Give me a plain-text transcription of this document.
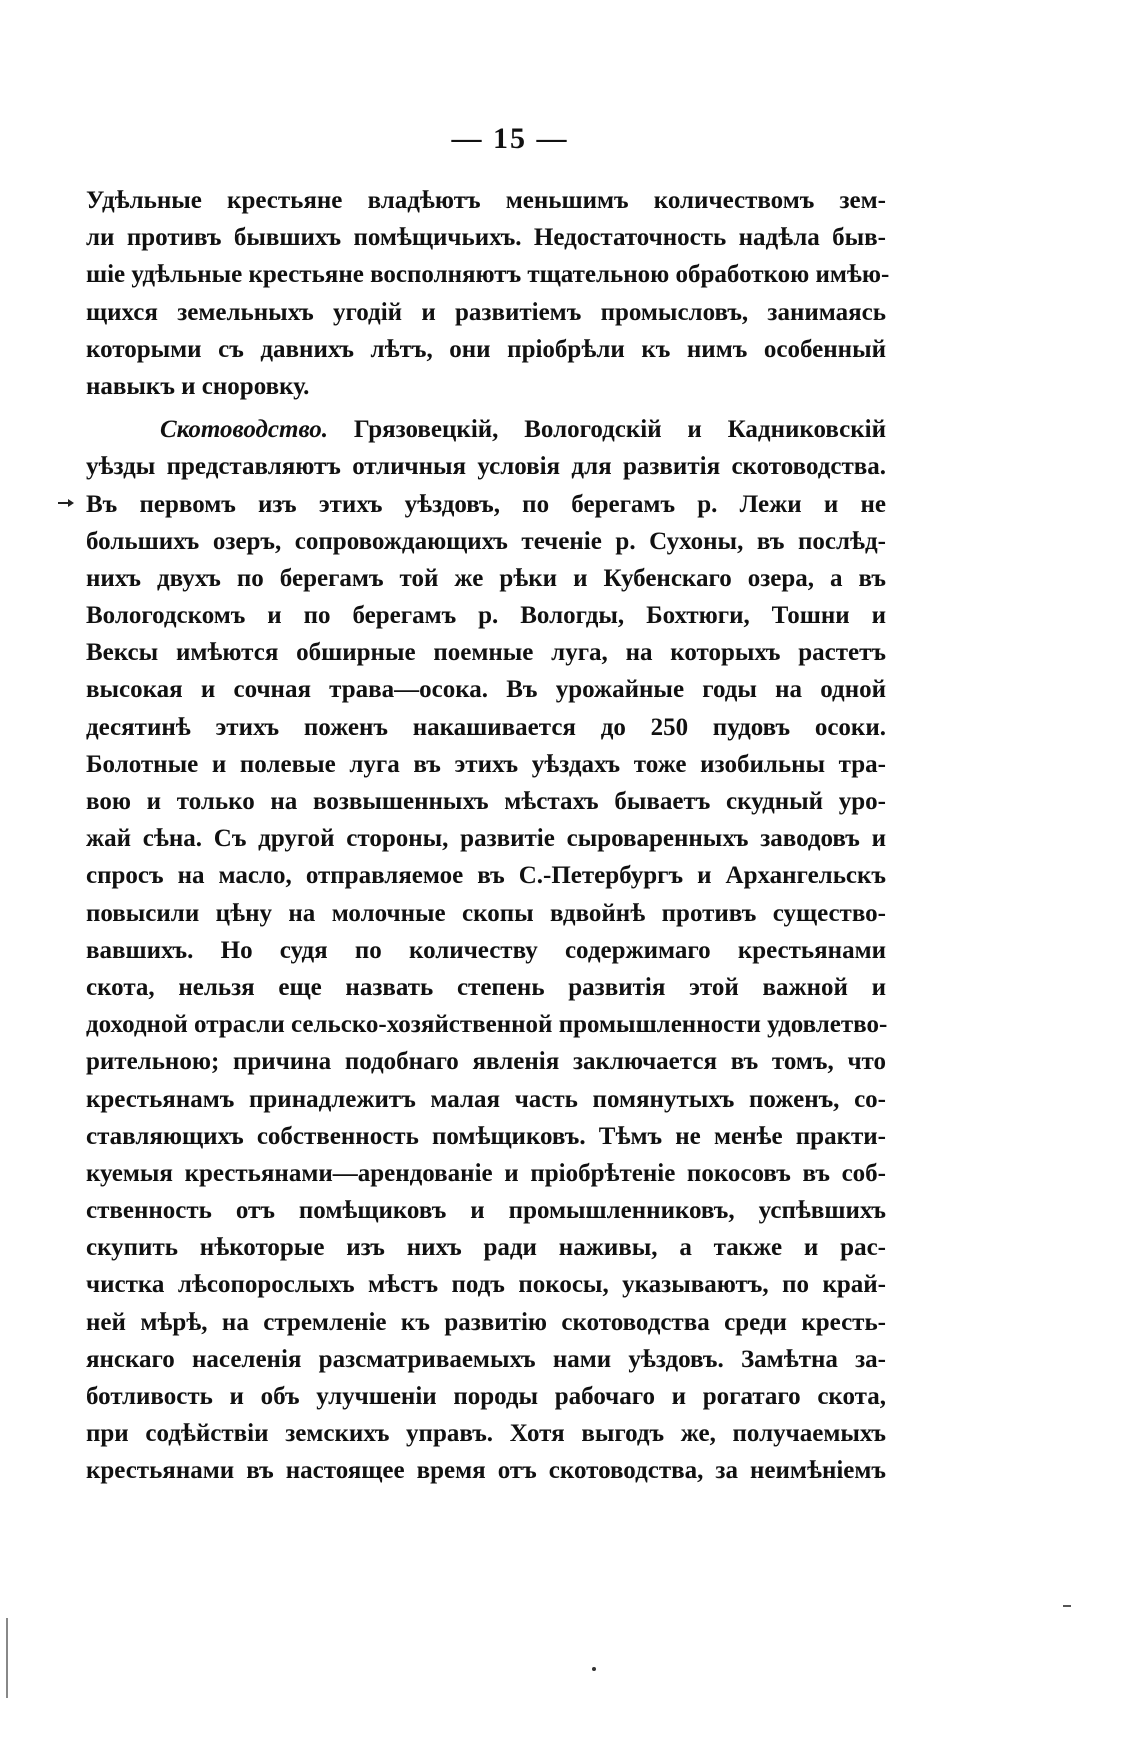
— 15 —
Удѣльные крестьяне владѣютъ меньшимъ количествомъ зем-
ли противъ бывшихъ помѣщичьихъ. Недостаточность надѣла быв-
шіе удѣльные крестьяне восполняютъ тщательною обработкою имѣю-
щихся земельныхъ угодій и развитіемъ промысловъ, занимаясь
которыми съ давнихъ лѣтъ, они пріобрѣли къ нимъ особенный
навыкъ и сноровку.
Скотоводство. Грязовецкій, Вологодскій и Кадниковскій
уѣзды представляютъ отличныя условія для развитія скотоводства.
Въ первомъ изъ этихъ уѣздовъ, по берегамъ р. Лежи и не
большихъ озеръ, сопровождающихъ теченіе р. Сухоны, въ послѣд-
нихъ двухъ по берегамъ той же рѣки и Кубенскаго озера, а въ
Вологодскомъ и по берегамъ р. Вологды, Бохтюги, Тошни и
Вексы имѣются обширные поемные луга, на которыхъ растетъ
высокая и сочная трава—осока. Въ урожайные годы на одной
десятинѣ этихъ поженъ накашивается до 250 пудовъ осоки.
Болотные и полевые луга въ этихъ уѣздахъ тоже изобильны тра-
вою и только на возвышенныхъ мѣстахъ бываетъ скудный уро-
жай сѣна. Съ другой стороны, развитіе сыроваренныхъ заводовъ и
спросъ на масло, отправляемое въ С.-Петербургъ и Архангельскъ
повысили цѣну на молочные скопы вдвойнѣ противъ существо-
вавшихъ. Но судя по количеству содержимаго крестьянами
скота, нельзя еще назвать степень развитія этой важной и
доходной отрасли сельско-хозяйственной промышленности удовлетво-
рительною; причина подобнаго явленія заключается въ томъ, что
крестьянамъ принадлежитъ малая часть помянутыхъ поженъ, со-
ставляющихъ собственность помѣщиковъ. Тѣмъ не менѣе практи-
куемыя крестьянами—арендованіе и пріобрѣтеніе покосовъ въ соб-
ственность отъ помѣщиковъ и промышленниковъ, успѣвшихъ
скупить нѣкоторые изъ нихъ ради наживы, а также и рас-
чистка лѣсопорослыхъ мѣстъ подъ покосы, указываютъ, по край-
ней мѣрѣ, на стремленіе къ развитію скотоводства среди кресть-
янскаго населенія разсматриваемыхъ нами уѣздовъ. Замѣтна за-
ботливость и объ улучшеніи породы рабочаго и рогатаго скота,
при содѣйствіи земскихъ управъ. Хотя выгодъ же, получаемыхъ
крестьянами въ настоящее время отъ скотоводства, за неимѣніемъ
